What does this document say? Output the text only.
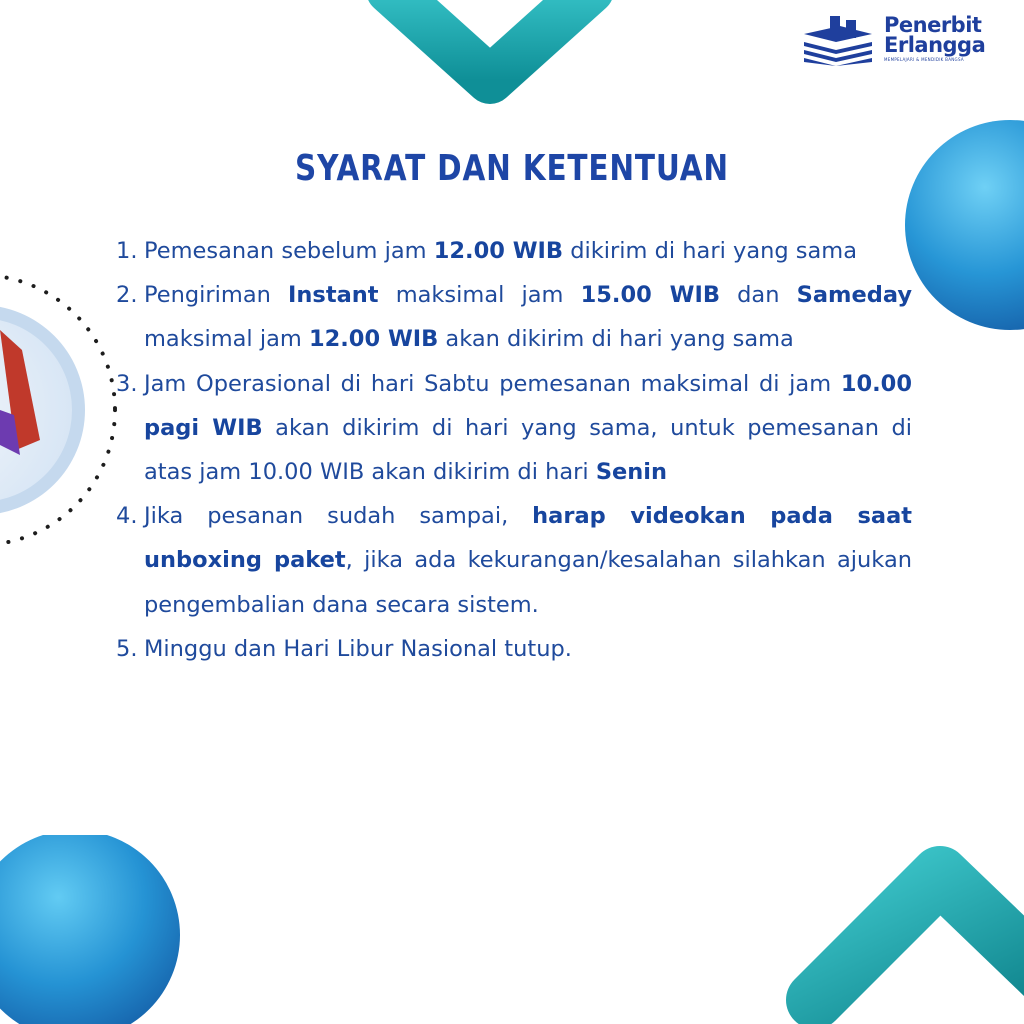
Penerbit
Erlangga
MEMPELAJARI & MENDIDIK BANGSA
SYARAT DAN KETENTUAN
1. Pemesanan sebelum jam 12.00 WIB dikirim di hari yang sama
2. Pengiriman Instant maksimal jam 15.00 WIB dan Sameday maksimal jam 12.00 WIB akan dikirim di hari yang sama
3. Jam Operasional di hari Sabtu pemesanan maksimal di jam 10.00 pagi WIB akan dikirim di hari yang sama, untuk pemesanan di atas jam 10.00 WIB akan dikirim di hari Senin
4. Jika pesanan sudah sampai, harap videokan pada saat unboxing paket, jika ada kekurangan/kesalahan silahkan ajukan pengembalian dana secara sistem.
5. Minggu dan Hari Libur Nasional tutup.
